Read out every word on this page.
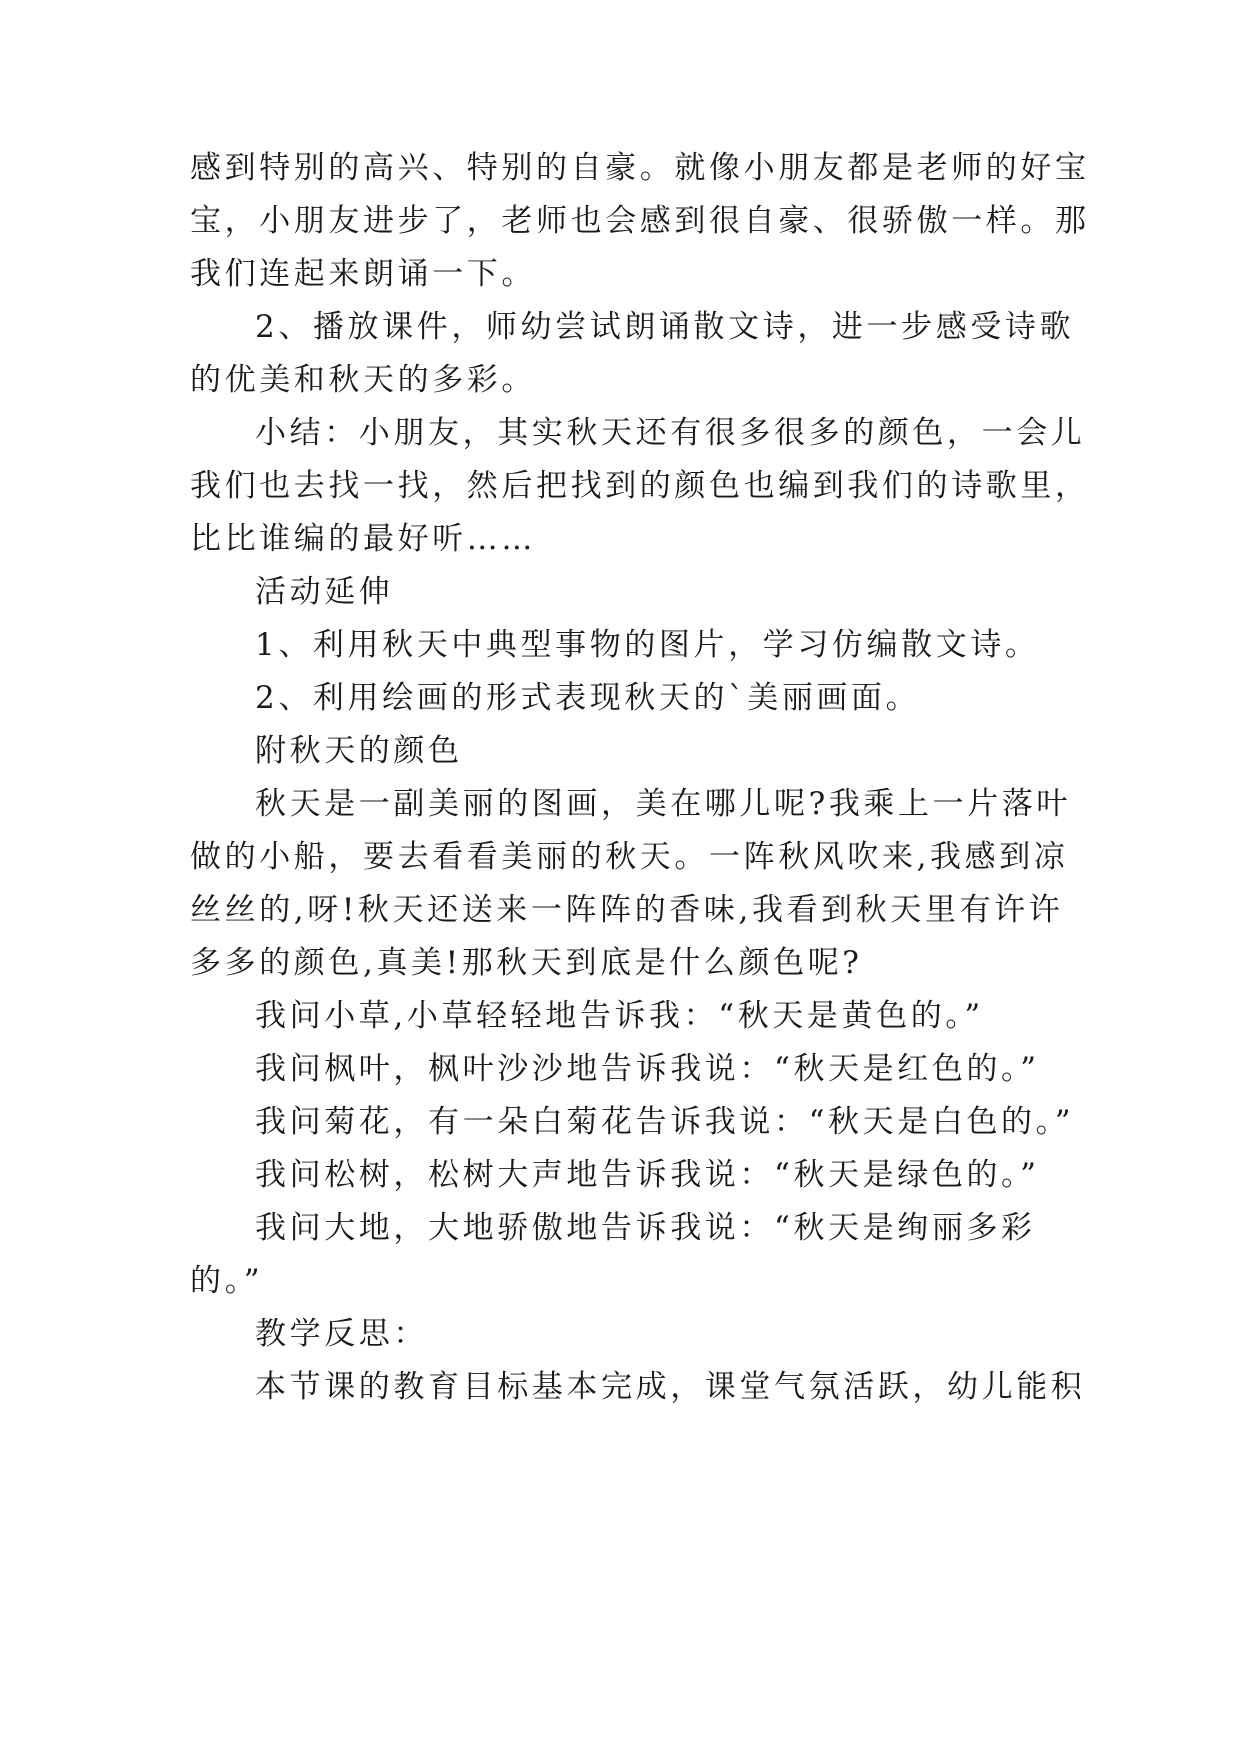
感到特别的高兴、特别的自豪。就像小朋友都是老师的好宝
宝，小朋友进步了，老师也会感到很自豪、很骄傲一样。那
我们连起来朗诵一下。
2、播放课件，师幼尝试朗诵散文诗，进一步感受诗歌
的优美和秋天的多彩。
小结：小朋友，其实秋天还有很多很多的颜色，一会儿
我们也去找一找，然后把找到的颜色也编到我们的诗歌里，
比比谁编的最好听……
活动延伸
1、利用秋天中典型事物的图片，学习仿编散文诗。
2、利用绘画的形式表现秋天的`美丽画面。
附秋天的颜色
秋天是一副美丽的图画，美在哪儿呢?我乘上一片落叶
做的小船，要去看看美丽的秋天。一阵秋风吹来,我感到凉
丝丝的,呀!秋天还送来一阵阵的香味,我看到秋天里有许许
多多的颜色,真美!那秋天到底是什么颜色呢?
我问小草,小草轻轻地告诉我：“秋天是黄色的。”
我问枫叶，枫叶沙沙地告诉我说：“秋天是红色的。”
我问菊花，有一朵白菊花告诉我说：“秋天是白色的。”
我问松树，松树大声地告诉我说：“秋天是绿色的。”
我问大地，大地骄傲地告诉我说：“秋天是绚丽多彩
的。”
教学反思：
本节课的教育目标基本完成，课堂气氛活跃，幼儿能积
